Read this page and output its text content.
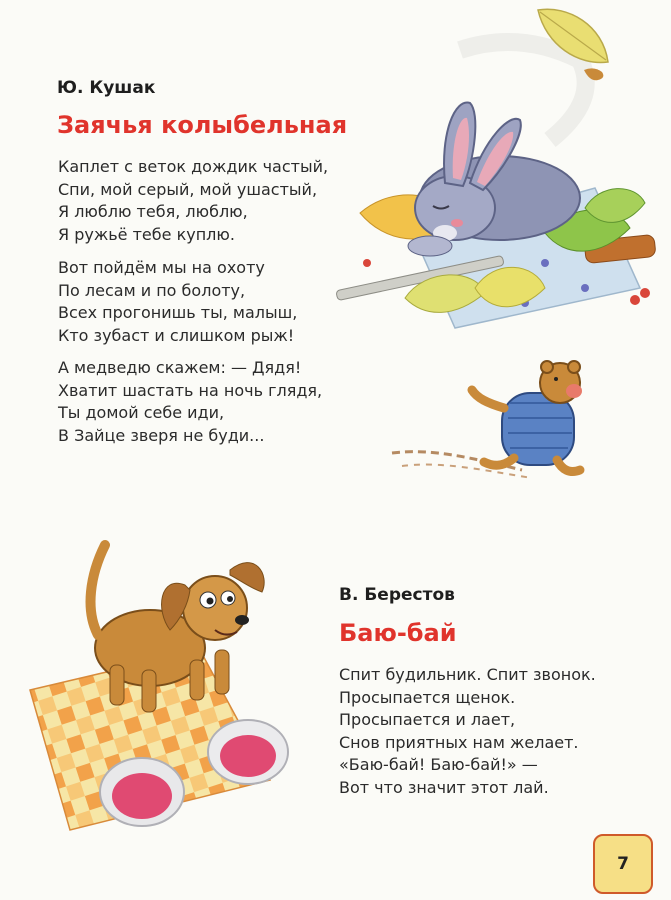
Ю. Кушак
Заячья колыбельная
Каплет с веток дождик частый,
Спи, мой серый, мой ушастый,
Я люблю тебя, люблю,
Я ружьё тебе куплю.
Вот пойдём мы на охоту
По лесам и по болоту,
Всех прогонишь ты, малыш,
Кто зубаст и слишком рыж!
А медведю скажем: — Дядя!
Хватит шастать на ночь глядя,
Ты домой себе иди,
В Зайце зверя не буди...
В. Берестов
Баю-бай
Спит будильник. Спит звонок.
Просыпается щенок.
Просыпается и лает,
Снов приятных нам желает.
«Баю-бай! Баю-бай!» —
Вот что значит этот лай.
7
